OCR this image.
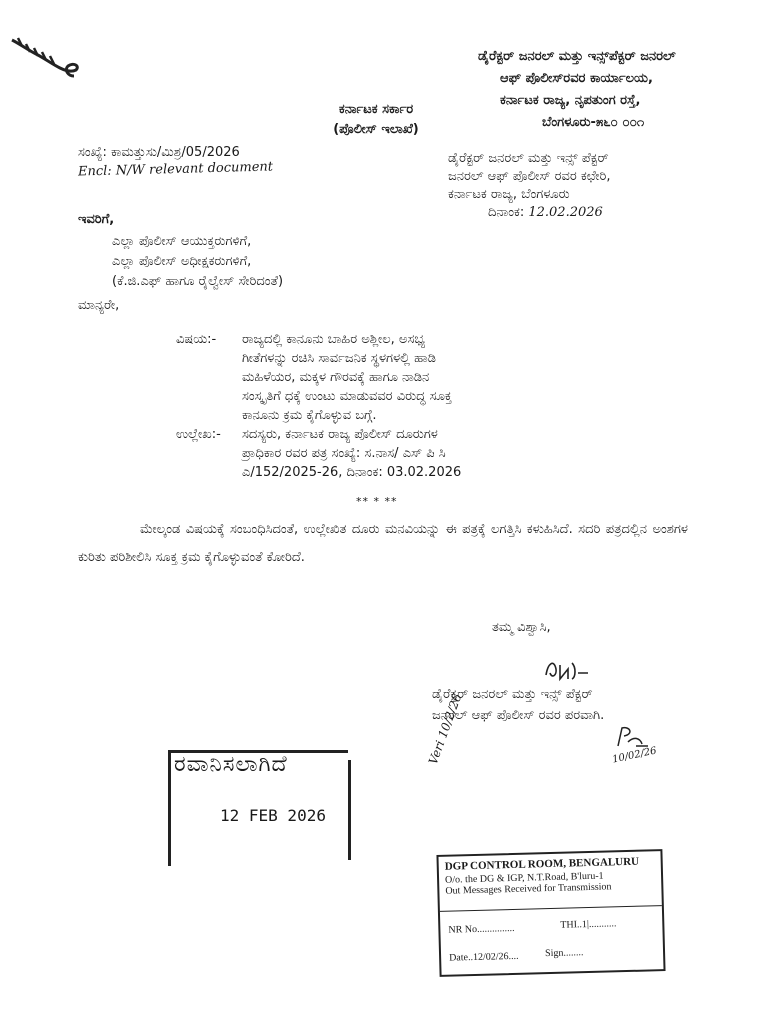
ಡೈರೆಕ್ಟರ್ ಜನರಲ್ ಮತ್ತು ಇನ್ಸ್‌ಪೆಕ್ಟರ್ ಜನರಲ್
ಆಫ್ ಪೊಲೀಸ್‌ರವರ ಕಾರ್ಯಾಲಯ,
ಕರ್ನಾಟಕ ರಾಜ್ಯ, ನೃಪತುಂಗ ರಸ್ತೆ,
ಬೆಂಗಳೂರು-೫೬೦ ೦೦೧
ಕರ್ನಾಟಕ ಸರ್ಕಾರ
(ಪೊಲೀಸ್ ಇಲಾಖೆ)
ಸಂಖ್ಯೆ: ಕಾಮತ್ತುಸು/ಮಿಶ್ರ/05/2026
Encl: N/W relevant document
ಡೈರೆಕ್ಟರ್ ಜನರಲ್ ಮತ್ತು ಇನ್ಸ್ ಪೆಕ್ಟರ್
ಜನರಲ್ ಆಫ್ ಪೊಲೀಸ್ ರವರ ಕಛೇರಿ,
ಕರ್ನಾಟಕ ರಾಜ್ಯ, ಬೆಂಗಳೂರು
ದಿನಾಂಕ: 12.02.2026
ಇವರಿಗೆ,
ಎಲ್ಲಾ ಪೊಲೀಸ್ ಆಯುಕ್ತರುಗಳಿಗೆ,
ಎಲ್ಲಾ ಪೊಲೀಸ್ ಅಧೀಕ್ಷಕರುಗಳಿಗೆ,
(ಕೆ.ಜಿ.ಎಫ್ ಹಾಗೂ ರೈಲ್ವೇಸ್ ಸೇರಿದಂತೆ)
ಮಾನ್ಯರೇ,
ವಿಷಯ:-	ರಾಜ್ಯದಲ್ಲಿ ಕಾನೂನು ಬಾಹಿರ ಅಶ್ಲೀಲ, ಅಸಭ್ಯ
ಗೀತೆಗಳನ್ನು ರಚಿಸಿ ಸಾರ್ವಜನಿಕ ಸ್ಥಳಗಳಲ್ಲಿ ಹಾಡಿ
ಮಹಿಳೆಯರ, ಮಕ್ಕಳ ಗೌರವಕ್ಕೆ ಹಾಗೂ ನಾಡಿನ
ಸಂಸ್ಕೃತಿಗೆ ಧಕ್ಕೆ ಉಂಟು ಮಾಡುವವರ ವಿರುದ್ಧ ಸೂಕ್ತ
ಕಾನೂನು ಕ್ರಮ ಕೈಗೊಳ್ಳುವ ಬಗ್ಗೆ.
ಉಲ್ಲೇಖ:-	ಸದಸ್ಯರು, ಕರ್ನಾಟಕ ರಾಜ್ಯ ಪೊಲೀಸ್ ದೂರುಗಳ
ಪ್ರಾಧಿಕಾರ ರವರ ಪತ್ರ ಸಂಖ್ಯೆ: ಸ.ನಾಸ/ ಎಸ್ ಪಿ ಸಿ
ಎ/152/2025-26, ದಿನಾಂಕ: 03.02.2026
** * **
ಮೇಲ್ಕಂಡ ವಿಷಯಕ್ಕೆ ಸಂಬಂಧಿಸಿದಂತೆ, ಉಲ್ಲೇಖಿತ ದೂರು ಮನವಿಯನ್ನು ಈ ಪತ್ರಕ್ಕೆ ಲಗತ್ತಿಸಿ ಕಳುಹಿಸಿದೆ. ಸದರಿ ಪತ್ರದಲ್ಲಿನ ಅಂಶಗಳ ಕುರಿತು ಪರಿಶೀಲಿಸಿ ಸೂಕ್ತ ಕ್ರಮ ಕೈಗೊಳ್ಳುವಂತೆ ಕೋರಿದೆ.
ತಮ್ಮ ವಿಶ್ವಾಸಿ,
ಡೈರೆಕ್ಟರ್ ಜನರಲ್ ಮತ್ತು ಇನ್ಸ್ ಪೆಕ್ಟರ್
ಜನರಲ್ ಆಫ್ ಪೊಲೀಸ್ ರವರ ಪರವಾಗಿ.
Veri 10/2/26	10/02/26
ರವಾನಿಸಲಾಗಿದೆ
12 FEB 2026
DGP CONTROL ROOM, BENGALURU
O/o. the DG & IGP, N.T.Road, B'luru-1
Out Messages Received for Transmission
NR No...............	THI..1|...........
Date..12/02/26....	Sign........
